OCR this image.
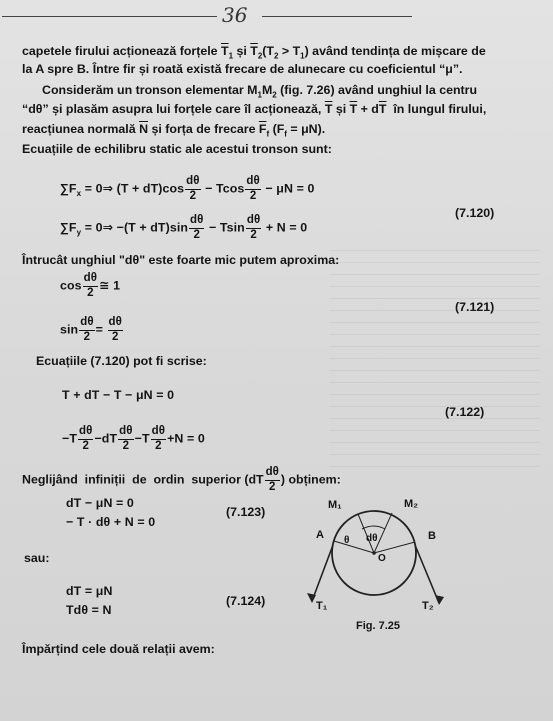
36
capetele firului acționează forțele $\overline{T}_1$ și $\overline{T}_2(T_2 > T_1)$ având tendința de mișcare de
la A spre B. Între fir și roată există frecare de alunecare cu coeficientul “μ”.
Considerăm un tronson elementar $M_1M_2$ (fig. 7.26) având unghiul la centru
“dθ” și plasăm asupra lui forțele care îl acționează, $\overline{T}$ și $\overline{T} + d\overline{T}$  în lungul firului,
reacțiunea normală $\overline{N}$ și forța de frecare $\overline{F}_f$ $(F_f = \mu N)$.
Ecuațiile de echilibru static ale acestui tronson sunt:
$\sum F_x$ = 0⇒ $(T + dT)\cos \frac{d\theta}{2} - Tcos \frac{d\theta}{2} - \mu N = 0$
$\sum F_y$ = 0⇒ $-(T + dT)\sin \frac{d\theta}{2} - Tsin \frac{d\theta}{2} + N = 0$
(7.120)
Întrucât unghiul "dθ" este foarte mic putem aproxima:
$\cos \frac{d\theta}{2}$ ≅ 1
$\sin \frac{d\theta}{2} = \frac{d\theta}{2}$
(7.121)
Ecuațiile (7.120) pot fi scrise:
T + dT − T − μN = 0
$-T \frac{d\theta}{2} -dT \frac{d\theta}{2} -T \frac{d\theta}{2} +N = 0$
(7.122)
Neglijând  infiniții  de  ordin  superior ($dT \frac{d\theta}{2}$ ) obținem:
dT − μN = 0
− T · dθ + N = 0
(7.123)
sau:
dT = μN
Tdθ = N
(7.124)
Împărțind cele două relații avem:
M₁	M₂
A	B
θ dθ
O
T₁	T₂
Fig. 7.25
